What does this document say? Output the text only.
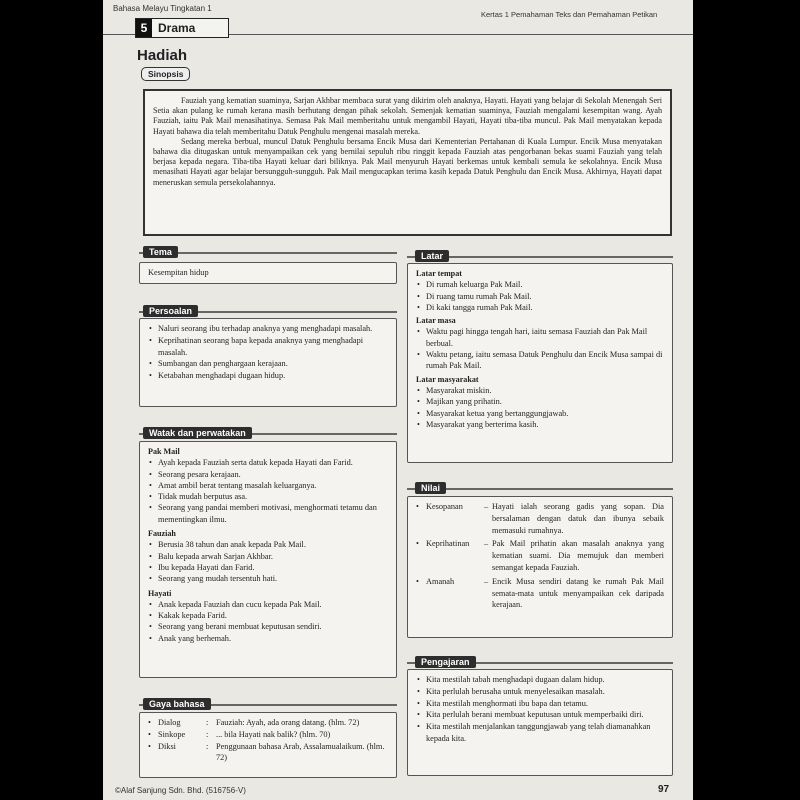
Bahasa Melayu Tingkatan 1
Kertas 1 Pemahaman Teks dan Pemahaman Petikan
5 Drama
Hadiah
Sinopsis

Fauziah yang kematian suaminya, Sarjan Akhbar membaca surat yang dikirim oleh anaknya, Hayati. Hayati yang belajar di Sekolah Menengah Seri Setia akan pulang ke rumah kerana masih berhutang dengan pihak sekolah. Semenjak kematian suaminya, Fauziah mengalami kesempitan wang. Ayah Fauziah, iaitu Pak Mail menasihatinya. Semasa Pak Mail memberitahu untuk mengambil Hayati, Hayati tiba-tiba muncul. Pak Mail menyatakan kepada Hayati bahawa dia telah memberitahu Datuk Penghulu mengenai masalah mereka.

Sedang mereka berbual, muncul Datuk Penghulu bersama Encik Musa dari Kementerian Pertahanan di Kuala Lumpur. Encik Musa menyatakan bahawa dia ditugaskan untuk menyampaikan cek yang bernilai sepuluh ribu ringgit kepada Fauziah atas pengorbanan bekas suami Fauziah yang telah berjasa kepada negara. Tiba-tiba Hayati keluar dari biliknya. Pak Mail menyuruh Hayati berkemas untuk kembali semula ke sekolahnya. Encik Musa menasihati Hayati agar belajar bersungguh-sungguh. Pak Mail mengucapkan terima kasih kepada Datuk Penghulu dan Encik Musa. Akhirnya, Hayati dapat meneruskan semula persekolahannya.

Tema
Kesempitan hidup
Persoalan
• Naluri seorang ibu terhadap anaknya yang menghadapi masalah.
• Keprihatinan seorang bapa kepada anaknya yang menghadapi masalah.
• Sumbangan dan penghargaan kerajaan.
• Ketabahan menghadapi dugaan hidup.
Watak dan perwatakan
Pak Mail
• Ayah kepada Fauziah serta datuk kepada Hayati dan Farid.
• Seorang pesara kerajaan.
• Amat ambil berat tentang masalah keluarganya.
• Tidak mudah berputus asa.
• Seorang yang pandai memberi motivasi, menghormati tetamu dan mementingkan ilmu.
Fauziah
• Berusia 38 tahun dan anak kepada Pak Mail.
• Balu kepada arwah Sarjan Akhbar.
• Ibu kepada Hayati dan Farid.
• Seorang yang mudah tersentuh hati.
Hayati
• Anak kepada Fauziah dan cucu kepada Pak Mail.
• Kakak kepada Farid.
• Seorang yang berani membuat keputusan sendiri.
• Anak yang berhemah.
Gaya bahasa
• Dialog	: Fauziah: Ayah, ada orang datang. (hlm. 72)
• Sinkope	: ... bila Hayati nak balik? (hlm. 70)
• Diksi	: Penggunaan bahasa Arab, Assalamualaikum. (hlm. 72)
Latar
Latar tempat
• Di rumah keluarga Pak Mail.
• Di ruang tamu rumah Pak Mail.
• Di kaki tangga rumah Pak Mail.
Latar masa
• Waktu pagi hingga tengah hari, iaitu semasa Fauziah dan Pak Mail berbual.
• Waktu petang, iaitu semasa Datuk Penghulu dan Encik Musa sampai di rumah Pak Mail.
Latar masyarakat
• Masyarakat miskin.
• Majikan yang prihatin.
• Masyarakat ketua yang bertanggungjawab.
• Masyarakat yang berterima kasih.
Nilai
• Kesopanan	– Hayati ialah seorang gadis yang sopan. Dia bersalaman dengan datuk dan ibunya sebaik memasuki rumahnya.
• Keprihatinan	– Pak Mail prihatin akan masalah anaknya yang kematian suami. Dia memujuk dan memberi semangat kepada Fauziah.
• Amanah	– Encik Musa sendiri datang ke rumah Pak Mail semata-mata untuk menyampaikan cek daripada kerajaan.
Pengajaran
• Kita mestilah tabah menghadapi dugaan dalam hidup.
• Kita perlulah berusaha untuk menyelesaikan masalah.
• Kita mestilah menghormati ibu bapa dan tetamu.
• Kita perlulah berani membuat keputusan untuk memperbaiki diri.
• Kita mestilah menjalankan tanggungjawab yang telah diamanahkan kepada kita.
©Alaf Sanjung Sdn. Bhd. (516756-V)	97
